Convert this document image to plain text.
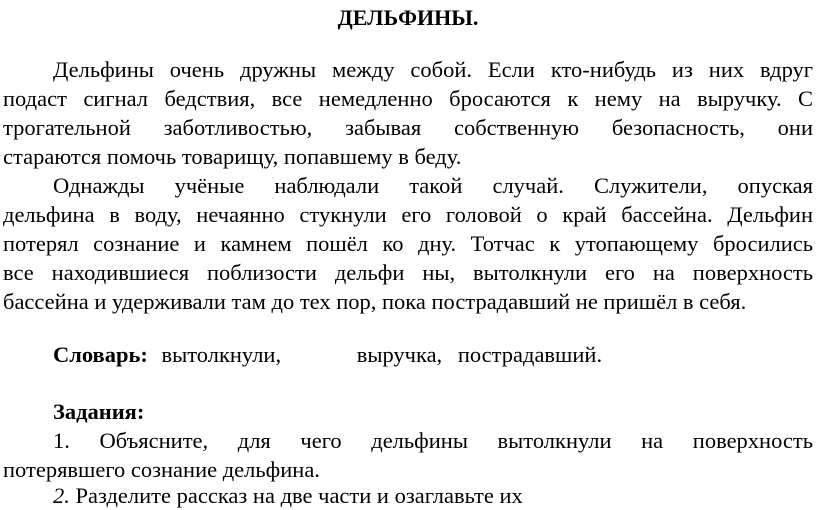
ДЕЛЬФИНЫ.
Дельфины очень дружны между собой. Если кто-нибудь из них вдруг
подаст сигнал бедствия, все немедленно бросаются к нему на выручку. С
трогательной заботливостью, забывая собственную безопасность, они
стараются помочь товарищу, попавшему в беду.
Однажды учёные наблюдали такой случай. Служители, опуская
дельфина в воду, нечаянно стукнули его головой о край бассейна. Дельфин
потерял сознание и камнем пошёл ко дну. Тотчас к утопающему бросились
все находившиеся поблизости дельфи ны, вытолкнули его на поверхность
бассейна и удерживали там до тех пор, пока пострадавший не пришёл в себя.
Словарь: вытолкнули,	выручка, пострадавший.
Задания:
1. Объясните, для чего дельфины вытолкнули на поверхность
потерявшего сознание дельфина.
2. Разделите рассказ на две части и озаглавьте их
